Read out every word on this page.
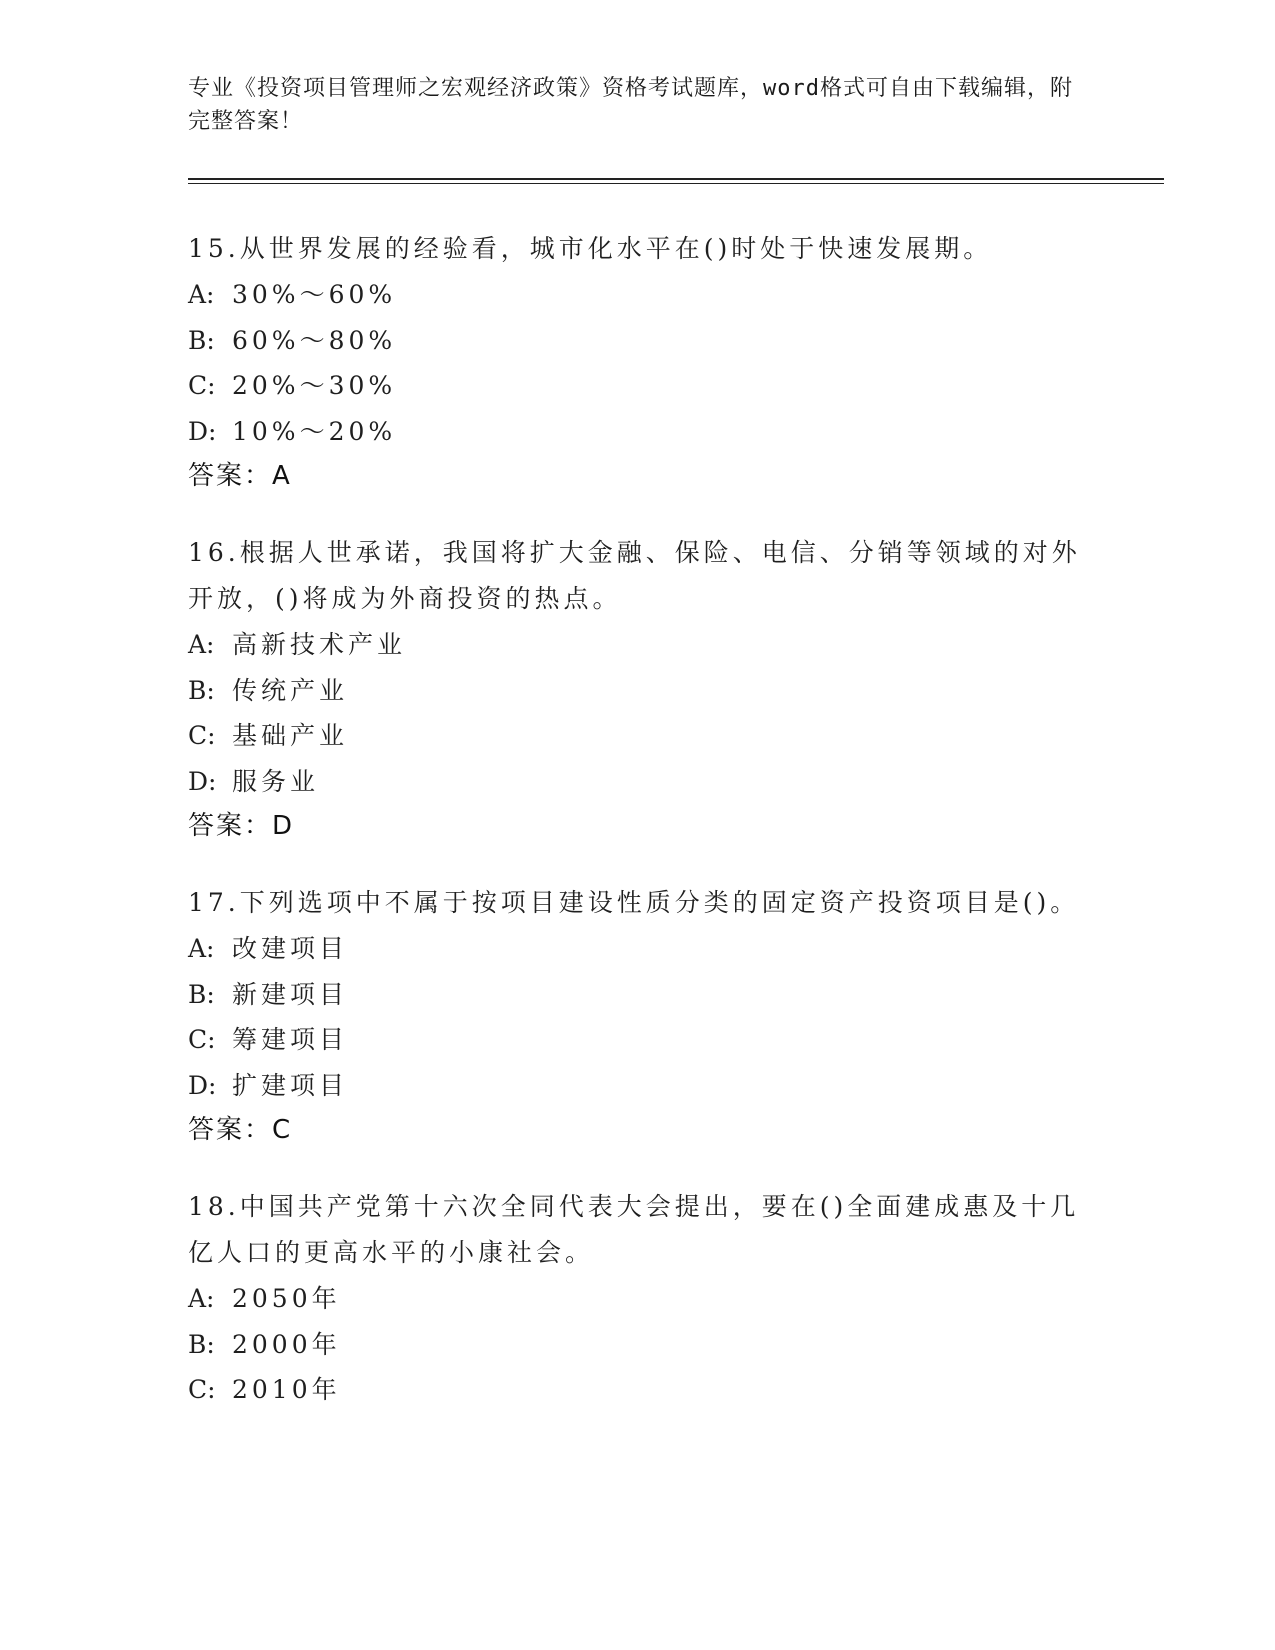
专业《投资项目管理师之宏观经济政策》资格考试题库，word格式可自由下载编辑，附完整答案！

15.从世界发展的经验看，城市化水平在()时处于快速发展期。

A: 30%～60%

B: 60%～80%

C: 20%～30%

D: 10%～20%

答案：A

16.根据人世承诺，我国将扩大金融、保险、电信、分销等领域的对外开放，()将成为外商投资的热点。

A: 高新技术产业

B: 传统产业

C: 基础产业

D: 服务业

答案：D

17.下列选项中不属于按项目建设性质分类的固定资产投资项目是()。

A: 改建项目

B: 新建项目

C: 筹建项目

D: 扩建项目

答案：C

18.中国共产党第十六次全同代表大会提出，要在()全面建成惠及十几亿人口的更高水平的小康社会。

A: 2050年

B: 2000年

C: 2010年
